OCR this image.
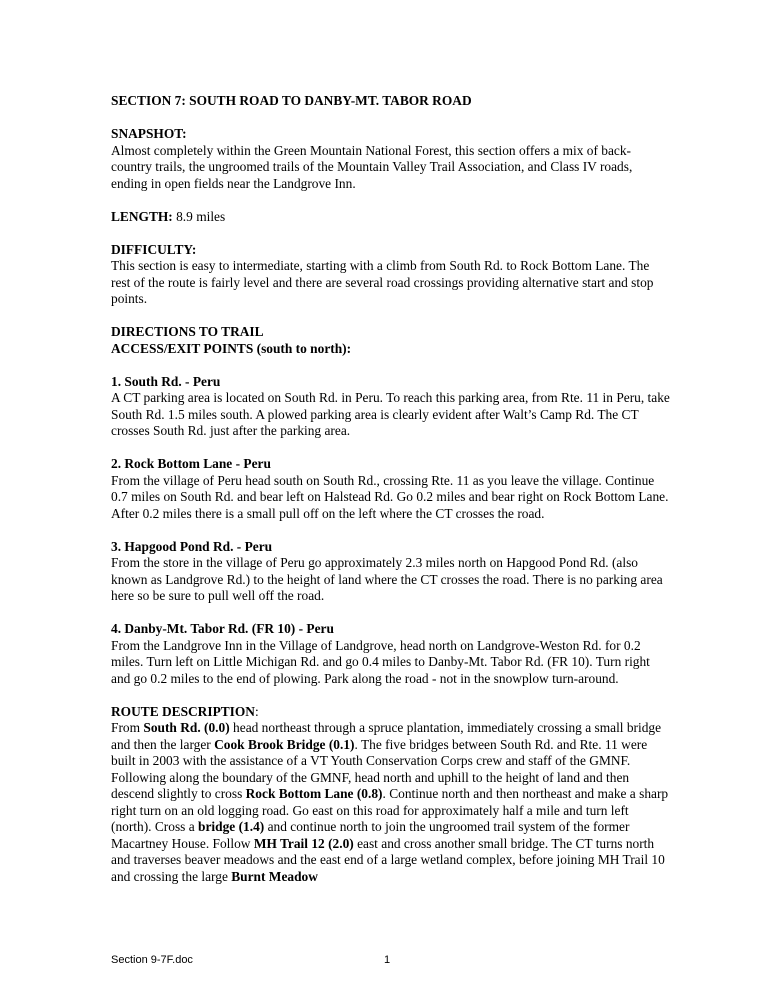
SECTION 7: SOUTH ROAD TO DANBY-MT. TABOR ROAD

SNAPSHOT:

Almost completely within the Green Mountain National Forest, this section offers a mix of back-country trails, the ungroomed trails of the Mountain Valley Trail Association, and Class IV roads, ending in open fields near the Landgrove Inn.

LENGTH: 8.9 miles

DIFFICULTY:

This section is easy to intermediate, starting with a climb from South Rd. to Rock Bottom Lane. The rest of the route is fairly level and there are several road crossings providing alternative start and stop points.

DIRECTIONS TO TRAIL

ACCESS/EXIT POINTS (south to north):

1. South Rd. - Peru

A CT parking area is located on South Rd. in Peru. To reach this parking area, from Rte. 11 in Peru, take South Rd. 1.5 miles south. A plowed parking area is clearly evident after Walt’s Camp Rd. The CT crosses South Rd. just after the parking area.

2. Rock Bottom Lane - Peru

From the village of Peru head south on South Rd., crossing Rte. 11 as you leave the village. Continue 0.7 miles on South Rd. and bear left on Halstead Rd. Go 0.2 miles and bear right on Rock Bottom Lane. After 0.2 miles there is a small pull off on the left where the CT crosses the road.

3. Hapgood Pond Rd. - Peru

From the store in the village of Peru go approximately 2.3 miles north on Hapgood Pond Rd. (also known as Landgrove Rd.) to the height of land where the CT crosses the road. There is no parking area here so be sure to pull well off the road.

4. Danby-Mt. Tabor Rd. (FR 10) - Peru

From the Landgrove Inn in the Village of Landgrove, head north on Landgrove-Weston Rd. for 0.2 miles. Turn left on Little Michigan Rd. and go 0.4 miles to Danby-Mt. Tabor Rd. (FR 10). Turn right and go 0.2 miles to the end of plowing. Park along the road - not in the snowplow turn-around.

ROUTE DESCRIPTION:

From South Rd. (0.0) head northeast through a spruce plantation, immediately crossing a small bridge and then the larger Cook Brook Bridge (0.1). The five bridges between South Rd. and Rte. 11 were built in 2003 with the assistance of a VT Youth Conservation Corps crew and staff of the GMNF. Following along the boundary of the GMNF, head north and uphill to the height of land and then descend slightly to cross Rock Bottom Lane (0.8). Continue north and then northeast and make a sharp right turn on an old logging road. Go east on this road for approximately half a mile and turn left (north). Cross a bridge (1.4) and continue north to join the ungroomed trail system of the former Macartney House. Follow MH Trail 12 (2.0) east and cross another small bridge. The CT turns north and traverses beaver meadows and the east end of a large wetland complex, before joining MH Trail 10 and crossing the large Burnt Meadow

Section 9-7F.doc	1
